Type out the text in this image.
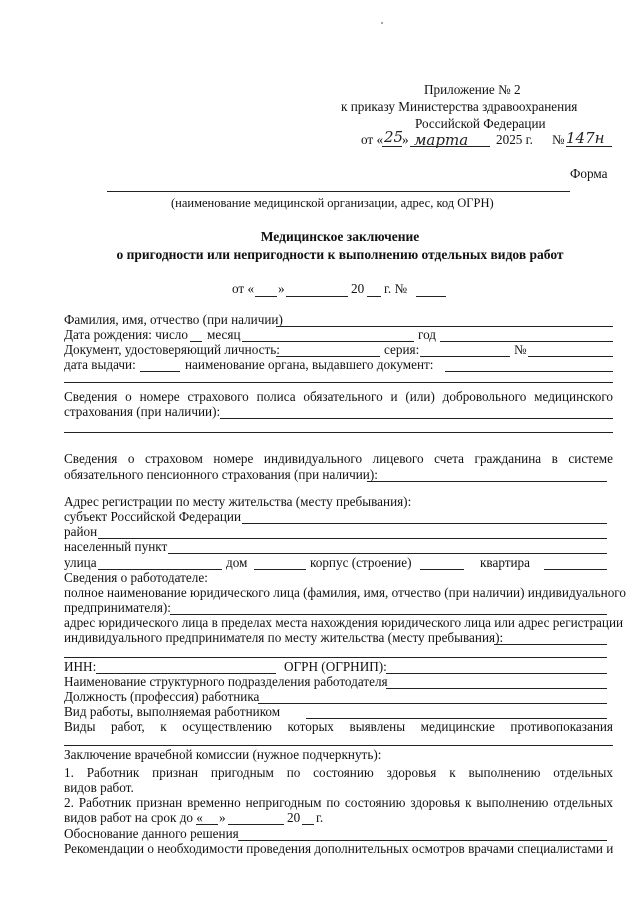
Приложение № 2
к приказу Министерства здравоохранения
Российской Федерации
от « 25
» марта 2025 г. № 147н
Форма
(наименование медицинской организации, адрес, код ОГРН)
Медицинское заключение
о пригодности или непригодности к выполнению отдельных видов работ
от « »	20 г. №
Фамилия, имя, отчество (при наличии)
Дата рождения: число месяц	год
Документ, удостоверяющий личность:	серия:	№
дата выдачи:	наименование органа, выдавшего документ:
Сведения о номере страхового полиса обязательного и (или) добровольного медицинского
страхования (при наличии):
Сведения о страховом номере индивидуального лицевого счета гражданина в системе
обязательного пенсионного страхования (при наличии):
Адрес регистрации по месту жительства (месту пребывания):
субъект Российской Федерации
район
населенный пункт
улица	дом	корпус (строение)	квартира
Сведения о работодателе:
полное наименование юридического лица (фамилия, имя, отчество (при наличии) индивидуального
предпринимателя):
адрес юридического лица в пределах места нахождения юридического лица или адрес регистрации
индивидуального предпринимателя по месту жительства (месту пребывания):
ИНН:	ОГРН (ОГРНИП):
Наименование структурного подразделения работодателя
Должность (профессия) работника
Вид работы, выполняемая работником
Виды работ, к осуществлению которых выявлены медицинские противопоказания
Заключение врачебной комиссии (нужное подчеркнуть):
1. Работник признан пригодным по состоянию здоровья к выполнению отдельных
видов работ.
2. Работник признан временно непригодным по состоянию здоровья к выполнению отдельных
видов работ на срок до « »	20 г.
Обоснование данного решения
Рекомендации о необходимости проведения дополнительных осмотров врачами специалистами и
